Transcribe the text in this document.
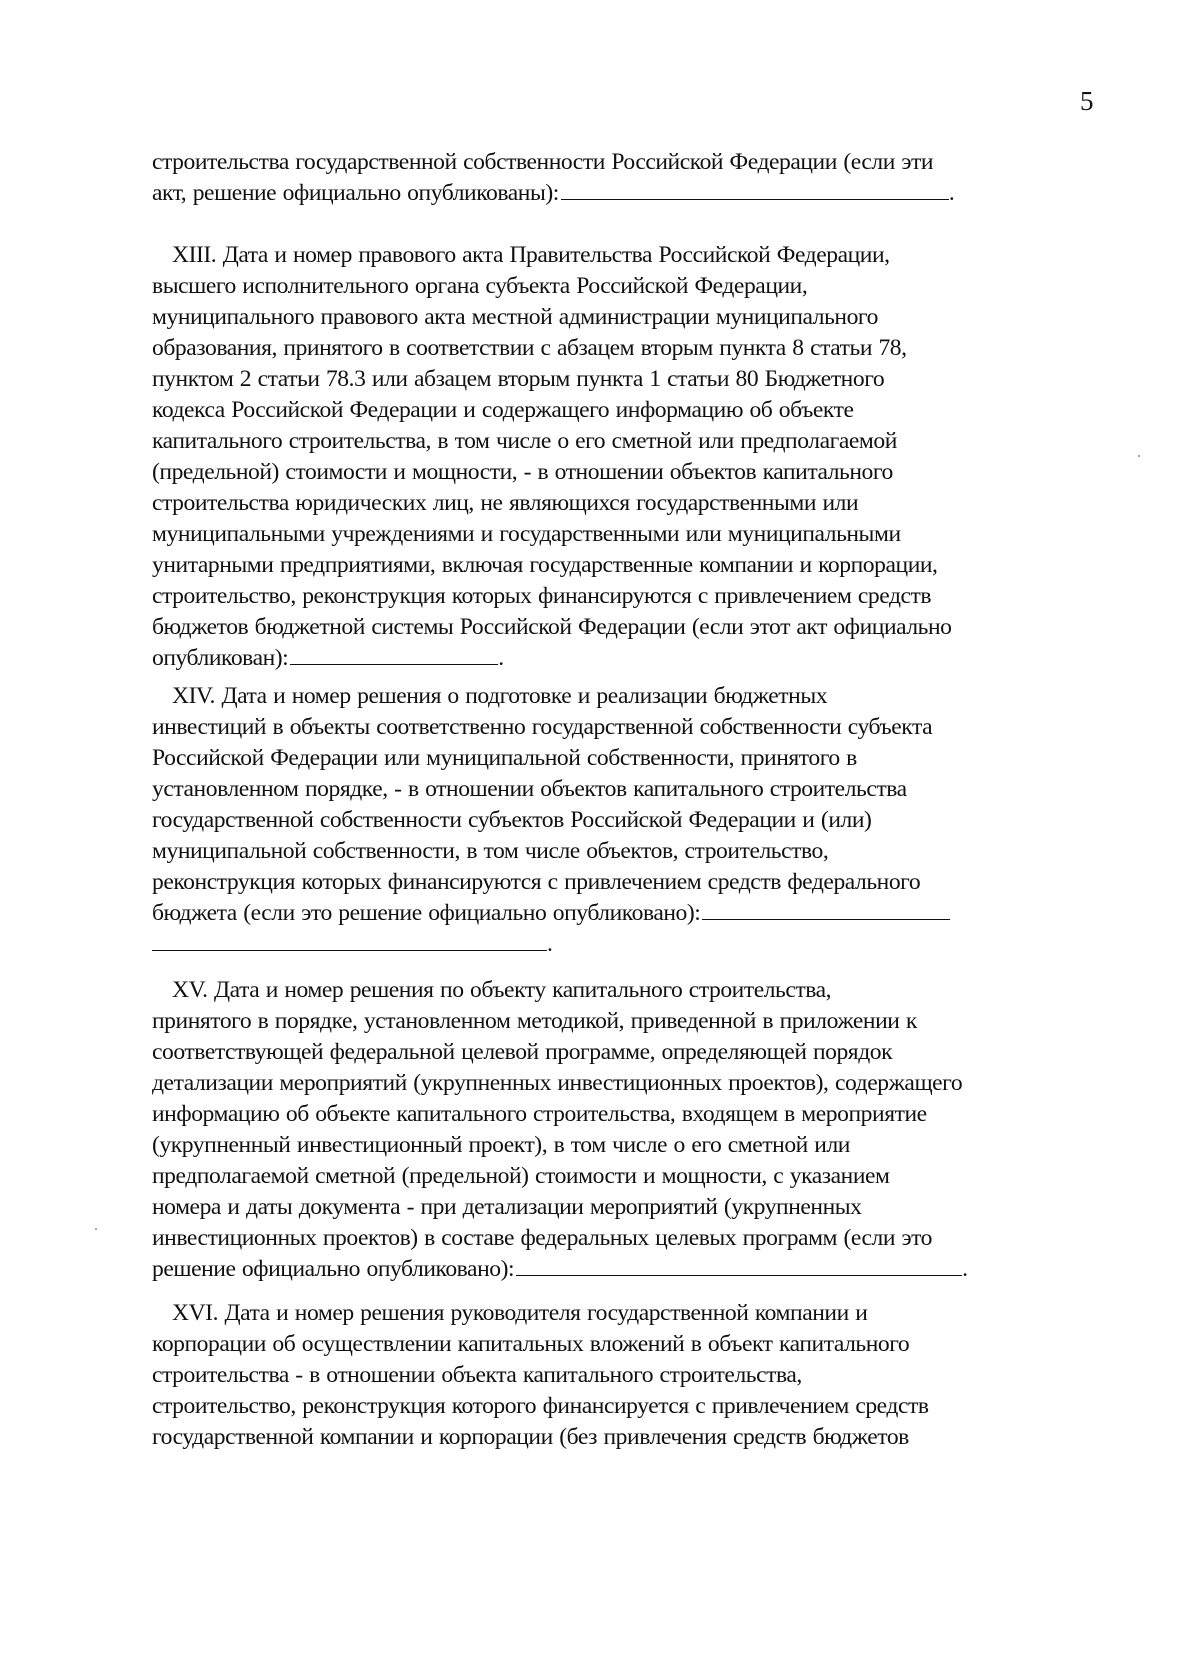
5
строительства государственной собственности Российской Федерации (если эти
акт, решение официально опубликованы):	.
XIII. Дата и номер правового акта Правительства Российской Федерации,
высшего исполнительного органа субъекта Российской Федерации,
муниципального правового акта местной администрации муниципального
образования, принятого в соответствии с абзацем вторым пункта 8 статьи 78,
пунктом 2 статьи 78.3 или абзацем вторым пункта 1 статьи 80 Бюджетного
кодекса Российской Федерации и содержащего информацию об объекте
капитального строительства, в том числе о его сметной или предполагаемой
(предельной) стоимости и мощности, - в отношении объектов капитального
строительства юридических лиц, не являющихся государственными или
муниципальными учреждениями и государственными или муниципальными
унитарными предприятиями, включая государственные компании и корпорации,
строительство, реконструкция которых финансируются с привлечением средств
бюджетов бюджетной системы Российской Федерации (если этот акт официально
опубликован):	.
XIV. Дата и номер решения о подготовке и реализации бюджетных
инвестиций в объекты соответственно государственной собственности субъекта
Российской Федерации или муниципальной собственности, принятого в
установленном порядке, - в отношении объектов капитального строительства
государственной собственности субъектов Российской Федерации и (или)
муниципальной собственности, в том числе объектов, строительство,
реконструкция которых финансируются с привлечением средств федерального
бюджета (если это решение официально опубликовано):
.
XV. Дата и номер решения по объекту капитального строительства,
принятого в порядке, установленном методикой, приведенной в приложении к
соответствующей федеральной целевой программе, определяющей порядок
детализации мероприятий (укрупненных инвестиционных проектов), содержащего
информацию об объекте капитального строительства, входящем в мероприятие
(укрупненный инвестиционный проект), в том числе о его сметной или
предполагаемой сметной (предельной) стоимости и мощности, с указанием
номера и даты документа - при детализации мероприятий (укрупненных
инвестиционных проектов) в составе федеральных целевых программ (если это
решение официально опубликовано):	.
XVI. Дата и номер решения руководителя государственной компании и
корпорации об осуществлении капитальных вложений в объект капитального
строительства - в отношении объекта капитального строительства,
строительство, реконструкция которого финансируется с привлечением средств
государственной компании и корпорации (без привлечения средств бюджетов
